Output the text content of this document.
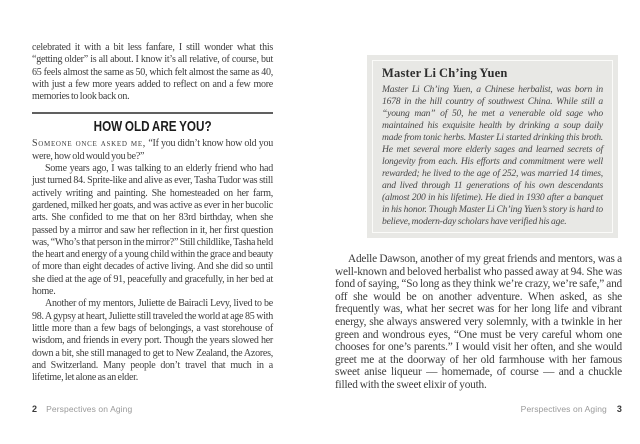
celebrated it with a bit less fanfare, I still wonder what this “getting older” is all about. I know it’s all relative, of course, but 65 feels almost the same as 50, which felt almost the same as 40, with just a few more years added to reflect on and a few more memories to look back on.

HOW OLD ARE YOU?

Someone once asked me, “If you didn’t know how old you were, how old would you be?”

Some years ago, I was talking to an elderly friend who had just turned 84. Sprite-like and alive as ever, Tasha Tudor was still actively writing and painting. She homesteaded on her farm, gardened, milked her goats, and was active as ever in her bucolic arts. She confided to me that on her 83rd birthday, when she passed by a mirror and saw her reflection in it, her first question was, “Who’s that person in the mirror?” Still childlike, Tasha held the heart and energy of a young child within the grace and beauty of more than eight decades of active living. And she did so until she died at the age of 91, peacefully and gracefully, in her bed at home.

Another of my mentors, Juliette de Bairacli Levy, lived to be 98. A gypsy at heart, Juliette still traveled the world at age 85 with little more than a few bags of belongings, a vast storehouse of wisdom, and friends in every port. Though the years slowed her down a bit, she still managed to get to New Zealand, the Azores, and Switzerland. Many people don’t travel that much in a lifetime, let alone as an elder.

2 Perspectives on Aging
Master Li Ch’ing Yuen

Master Li Ch’ing Yuen, a Chinese herbalist, was born in 1678 in the hill country of southwest China. While still a “young man” of 50, he met a venerable old sage who maintained his exquisite health by drinking a soup daily made from tonic herbs. Master Li started drinking this broth. He met several more elderly sages and learned secrets of longevity from each. His efforts and commitment were well rewarded; he lived to the age of 252, was married 14 times, and lived through 11 generations of his own descendants (almost 200 in his lifetime). He died in 1930 after a banquet in his honor. Though Master Li Ch’ing Yuen’s story is hard to believe, modern-day scholars have verified his age.

Adelle Dawson, another of my great friends and mentors, was a well-known and beloved herbalist who passed away at 94. She was fond of saying, “So long as they think we’re crazy, we’re safe,” and off she would be on another adventure. When asked, as she frequently was, what her secret was for her long life and vibrant energy, she always answered very solemnly, with a twinkle in her green and wondrous eyes, “One must be very careful whom one chooses for one’s parents.” I would visit her often, and she would greet me at the doorway of her old farmhouse with her famous sweet anise liqueur — homemade, of course — and a chuckle filled with the sweet elixir of youth.

Perspectives on Aging 3
